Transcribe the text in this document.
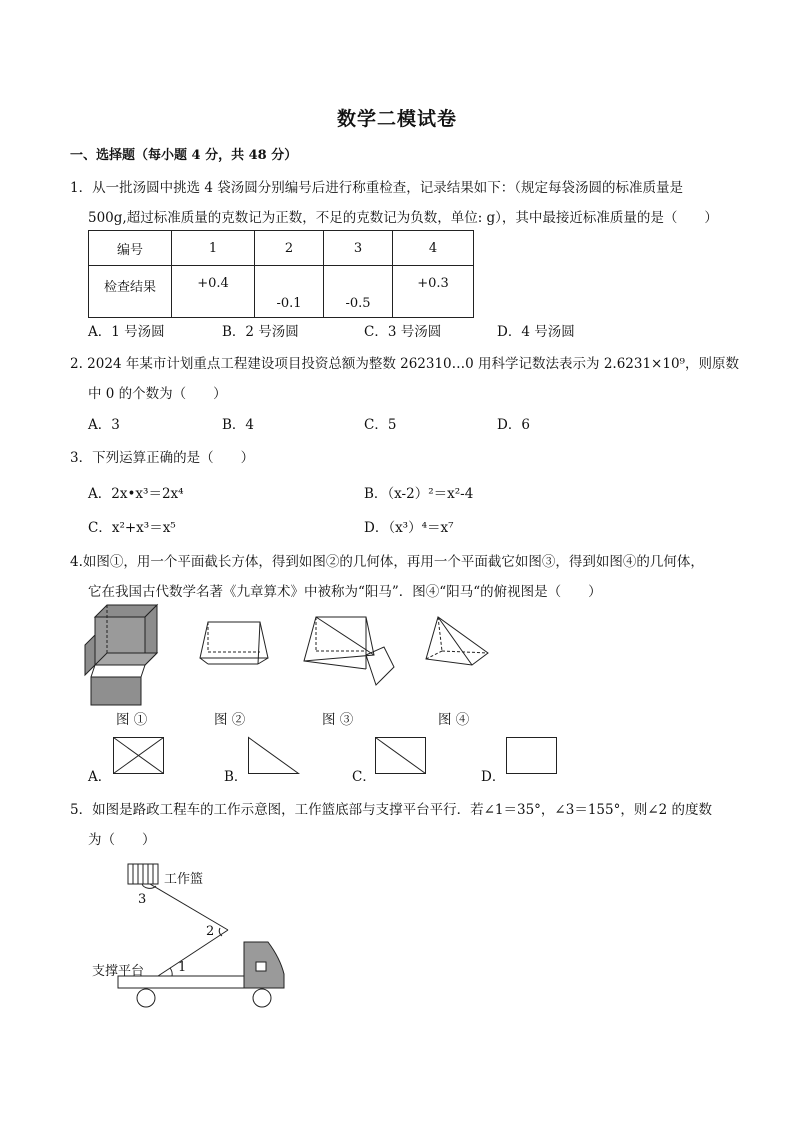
数学二模试卷
一、选择题（每小题 4 分，共 48 分）
1．从一批汤圆中挑选 4 袋汤圆分别编号后进行称重检查，记录结果如下：（规定每袋汤圆的标准质量是
500g,超过标准质量的克数记为正数，不足的克数记为负数，单位: g），其中最接近标准质量的是（　　）
编号	1	2	3	4
检查结果	+0.4	-0.1	-0.5	+0.3
A．1 号汤圆	B．2 号汤圆	C．3 号汤圆	D．4 号汤圆
2. 2024 年某市计划重点工程建设项目投资总额为整数 262310…0 用科学记数法表示为 2.6231×10⁹，则原数
中 0 的个数为（　　）
A．3	B．4	C．5	D．6
3．下列运算正确的是（　　）
A．2x•x³＝2x⁴	B．（x-2）²＝x²-4
C．x²+x³＝x⁵	D．（x³）⁴＝x⁷
4.如图①，用一个平面截长方体，得到如图②的几何体，再用一个平面截它如图③，得到如图④的几何体，
它在我国古代数学名著《九章算术》中被称为“阳马”．图④“阳马“的俯视图是（　　）
图 ①	图 ②	图 ③	图 ④
A．	B．	C．	D．
5．如图是路政工程车的工作示意图，工作篮底部与支撑平台平行．若∠1＝35°，∠3＝155°，则∠2 的度数
为（　　）
工作篮
支撑平台
3
2
1
